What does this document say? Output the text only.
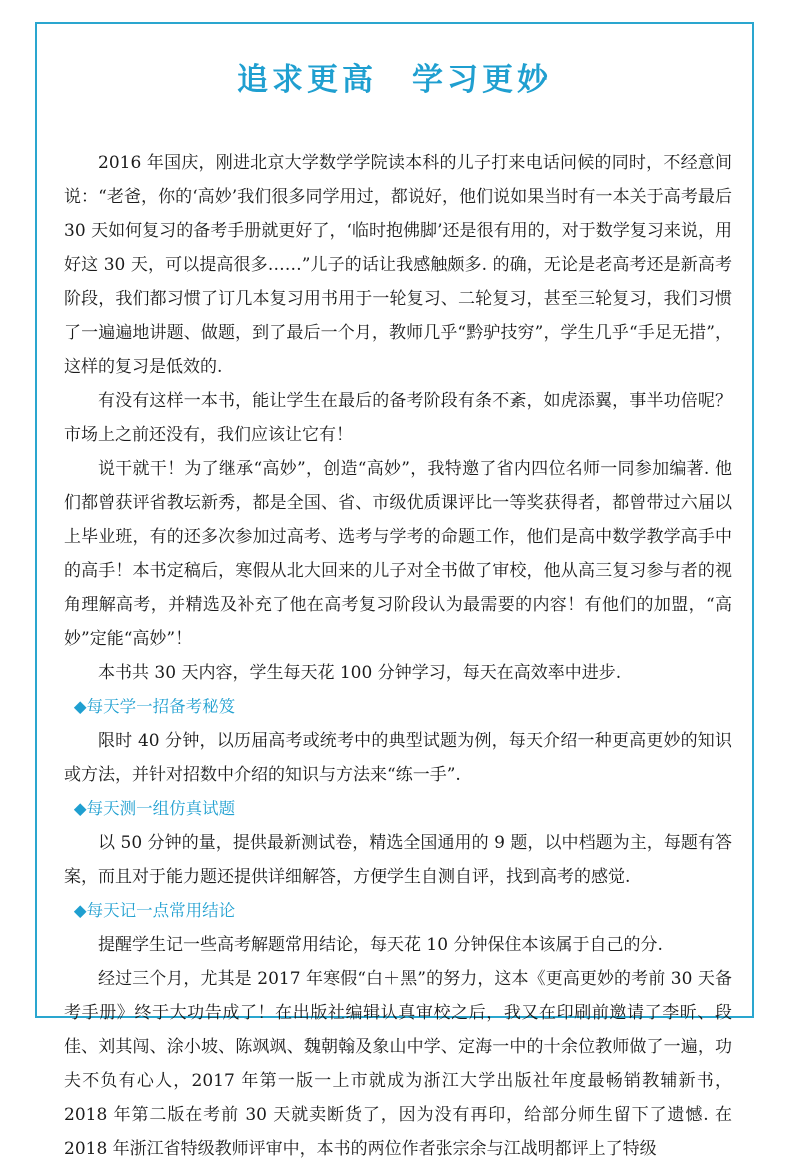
追求更高　学习更妙

2016 年国庆，刚进北京大学数学学院读本科的儿子打来电话问候的同时，不经意间说：“老爸，你的‘高妙’我们很多同学用过，都说好，他们说如果当时有一本关于高考最后 30 天如何复习的备考手册就更好了，‘临时抱佛脚’还是很有用的，对于数学复习来说，用好这 30 天，可以提高很多……”儿子的话让我感触颇多. 的确，无论是老高考还是新高考阶段，我们都习惯了订几本复习用书用于一轮复习、二轮复习，甚至三轮复习，我们习惯了一遍遍地讲题、做题，到了最后一个月，教师几乎“黔驴技穷”，学生几乎“手足无措”，这样的复习是低效的.

有没有这样一本书，能让学生在最后的备考阶段有条不紊，如虎添翼，事半功倍呢？市场上之前还没有，我们应该让它有！

说干就干！为了继承“高妙”，创造“高妙”，我特邀了省内四位名师一同参加编著. 他们都曾获评省教坛新秀，都是全国、省、市级优质课评比一等奖获得者，都曾带过六届以上毕业班，有的还多次参加过高考、选考与学考的命题工作，他们是高中数学教学高手中的高手！本书定稿后，寒假从北大回来的儿子对全书做了审校，他从高三复习参与者的视角理解高考，并精选及补充了他在高考复习阶段认为最需要的内容！有他们的加盟，“高妙”定能“高妙”！

本书共 30 天内容，学生每天花 100 分钟学习，每天在高效率中进步.

◆每天学一招备考秘笈

限时 40 分钟，以历届高考或统考中的典型试题为例，每天介绍一种更高更妙的知识或方法，并针对招数中介绍的知识与方法来“练一手”.

◆每天测一组仿真试题

以 50 分钟的量，提供最新测试卷，精选全国通用的 9 题，以中档题为主，每题有答案，而且对于能力题还提供详细解答，方便学生自测自评，找到高考的感觉.

◆每天记一点常用结论

提醒学生记一些高考解题常用结论，每天花 10 分钟保住本该属于自己的分.

经过三个月，尤其是 2017 年寒假“白＋黑”的努力，这本《更高更妙的考前 30 天备考手册》终于大功告成了！在出版社编辑认真审校之后，我又在印刷前邀请了李昕、段佳、刘其闯、涂小坡、陈飒飒、魏朝翰及象山中学、定海一中的十余位教师做了一遍，功夫不负有心人，2017 年第一版一上市就成为浙江大学出版社年度最畅销教辅新书，2018 年第二版在考前 30 天就卖断货了，因为没有再印，给部分师生留下了遗憾. 在 2018 年浙江省特级教师评审中，本书的两位作者张宗余与江战明都评上了特级
